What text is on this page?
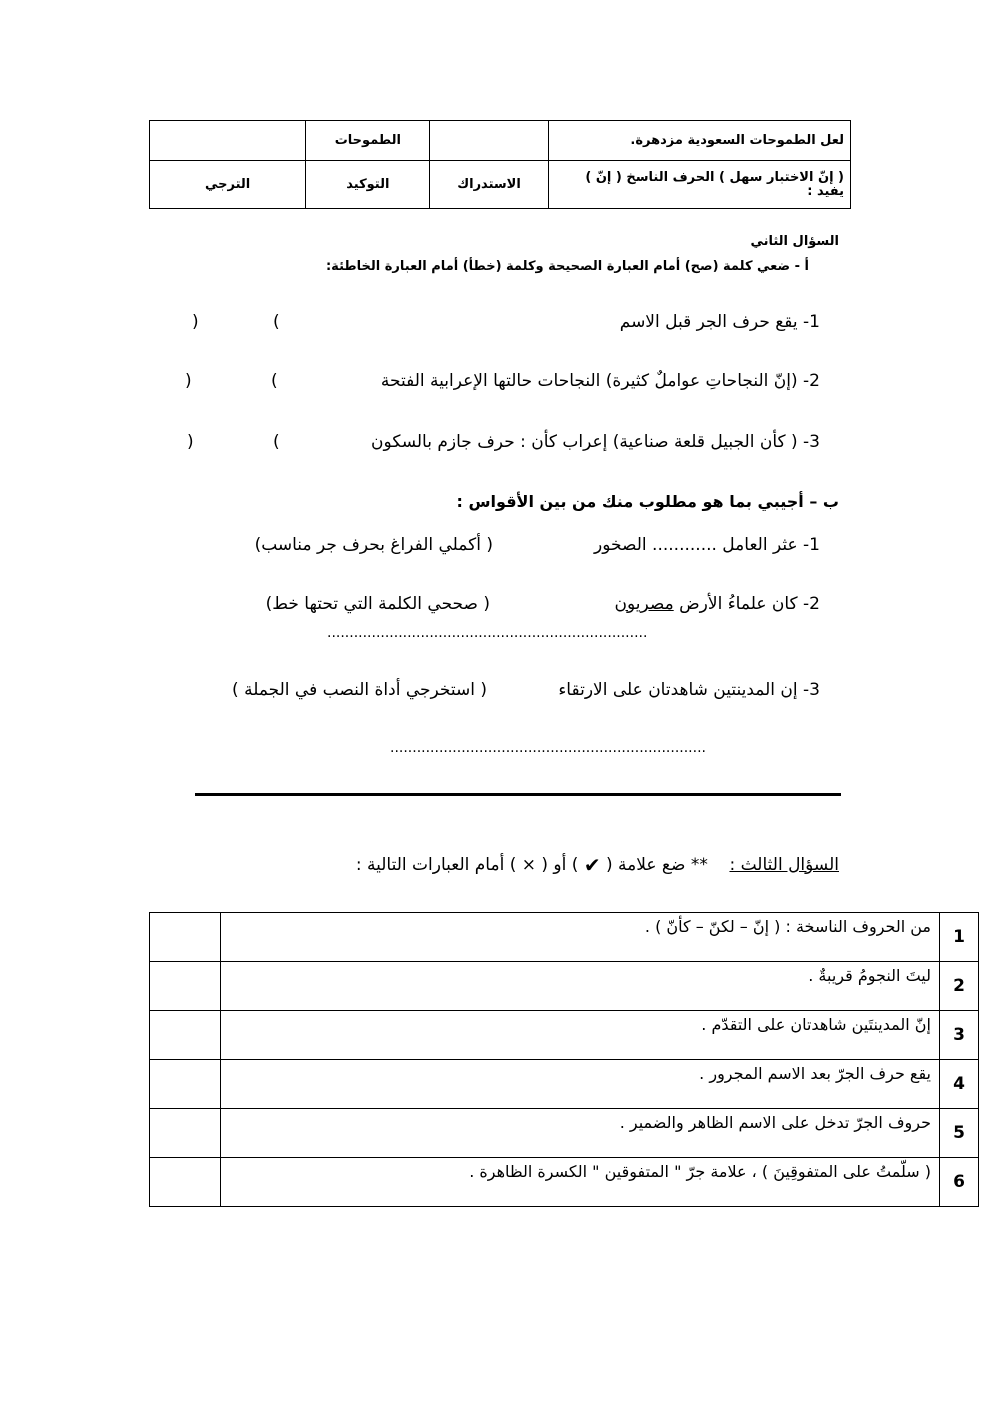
لعل الطموحات السعودية مزدهرة.		الطموحات	
( إنّ الاختبار سهل ) الحرف الناسخ ( إنّ ) يفيد :	الاستدراك	التوكيد	الترجي
السؤال الثاني
أ - ضعي كلمة (صح) أمام العبارة الصحيحة وكلمة (خطأ) أمام العبارة الخاطئة:
1- يقع حرف الجر قبل الاسم
(
)
2- (إنّ النجاحاتِ عواملٌ كثيرة) النجاحات حالتها الإعرابية الفتحة
(
)
3- ( كأن الجبيل قلعة صناعية) إعراب كأن : حرف جازم بالسكون
(
)
ب – أجيبي بما هو مطلوب منك من بين الأقواس :
1- عثر العامل ............ الصخور
( أكملي الفراغ بحرف جر مناسب)
2- كان علماءُ الأرض مصريون
( صححي الكلمة التي تحتها خط)
........................................................................
3- إن المدينتين شاهدتان على الارتقاء
( استخرجي أداة النصب في الجملة )
.......................................................................
السؤال الثالث :    ** ضع علامة ( ✔ ) أو ( × ) أمام العبارات التالية :
1	من الحروف الناسخة : ( إنّ – لكنّ – كأنّ ) .	
2	ليتَ النجومُ قريبةٌ .	
3	إنّ المدينتَين شاهدتان على التقدّم .	
4	يقع حرف الجرّ بعد الاسم المجرور .	
5	حروف الجرّ تدخل على الاسم الظاهر والضمير .	
6	( سلّمتُ على المتفوقِينَ ) ، علامة جرّ " المتفوقين " الكسرة الظاهرة .	
